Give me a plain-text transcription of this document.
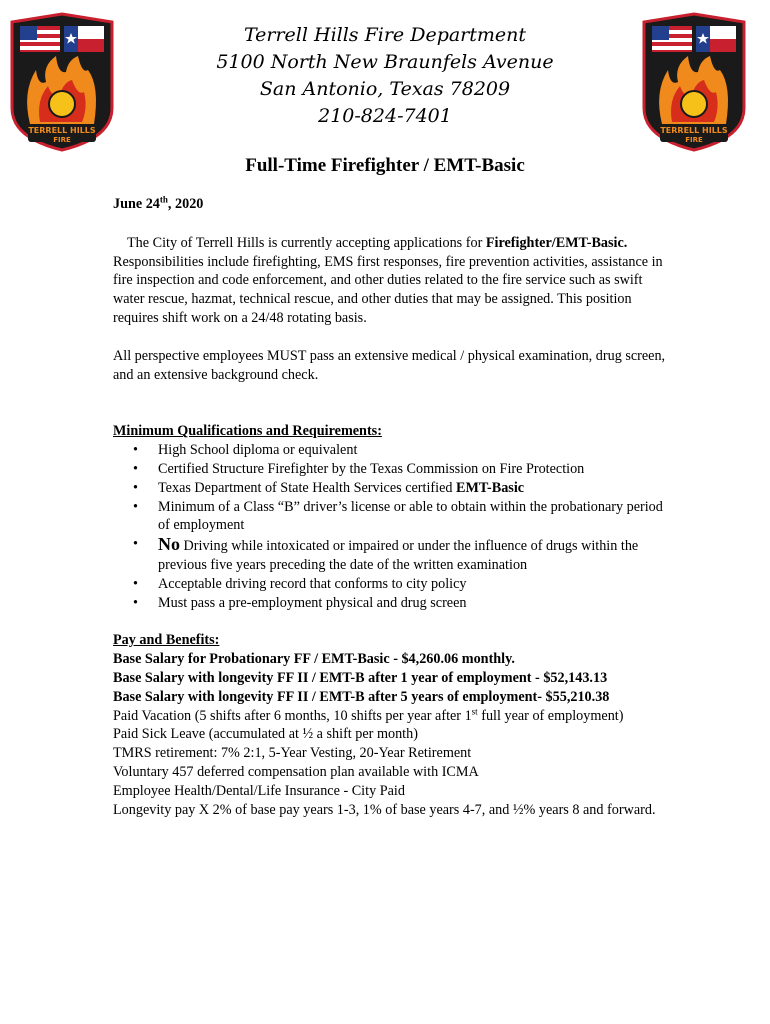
TERRELL HILLS
FIRE
TERRELL HILLS
FIRE
Terrell Hills Fire Department
5100 North New Braunfels Avenue
San Antonio, Texas 78209
210-824-7401
Full-Time Firefighter / EMT-Basic

June 24th, 2020

The City of Terrell Hills is currently accepting applications for Firefighter/EMT-Basic. Responsibilities include firefighting, EMS first responses, fire prevention activities, assistance in fire inspection and code enforcement, and other duties related to the fire service such as swift water rescue, hazmat, technical rescue, and other duties that may be assigned. This position requires shift work on a 24/48 rotating basis.

All perspective employees MUST pass an extensive medical / physical examination, drug screen, and an extensive background check.

Minimum Qualifications and Requirements:

• High School diploma or equivalent
• Certified Structure Firefighter by the Texas Commission on Fire Protection
• Texas Department of State Health Services certified EMT-Basic
• Minimum of a Class “B” driver’s license or able to obtain within the probationary period of employment
• No Driving while intoxicated or impaired or under the influence of drugs within the previous five years preceding the date of the written examination
• Acceptable driving record that conforms to city policy
• Must pass a pre-employment physical and drug screen

Pay and Benefits:

Base Salary for Probationary FF / EMT-Basic - $4,260.06 monthly.

Base Salary with longevity FF II / EMT-B after 1 year of employment - $52,143.13

Base Salary with longevity FF II / EMT-B after 5 years of employment- $55,210.38

Paid Vacation (5 shifts after 6 months, 10 shifts per year after 1st full year of employment)

Paid Sick Leave (accumulated at ½ a shift per month)

TMRS retirement: 7% 2:1, 5-Year Vesting, 20-Year Retirement

Voluntary 457 deferred compensation plan available with ICMA

Employee Health/Dental/Life Insurance - City Paid

Longevity pay X 2% of base pay years 1-3, 1% of base years 4-7, and ½% years 8 and forward.
